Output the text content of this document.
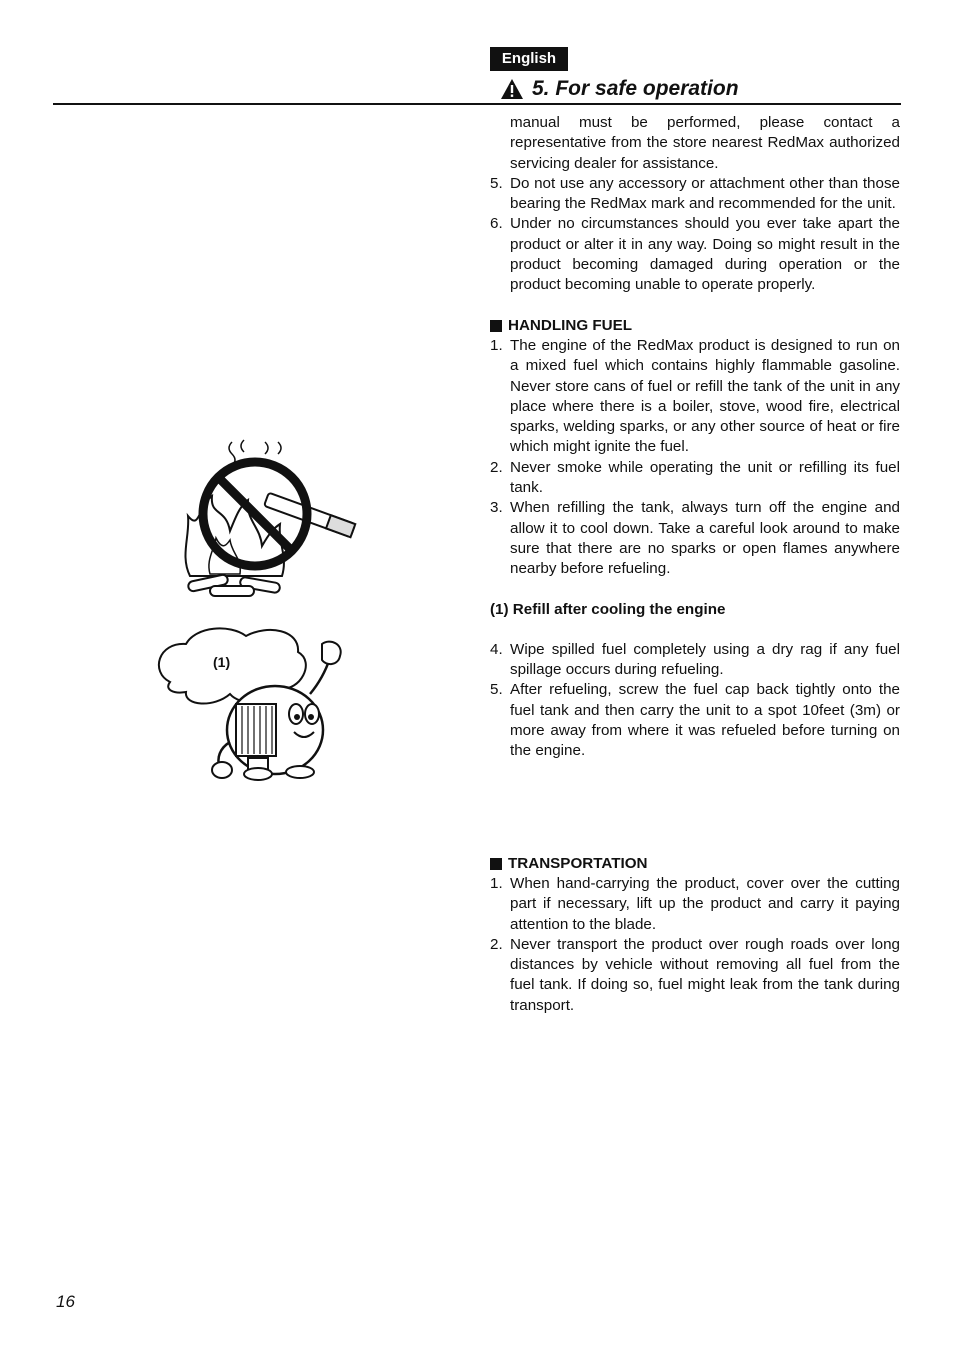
English
5. For safe operation
(1)

manual must be performed, please contact a representative from the store nearest RedMax authorized servicing dealer for assistance.

5. Do not use any accessory or attachment other than those bearing the RedMax mark and recommended for the unit.
6. Under no circumstances should you ever take apart the product or alter it in any way. Doing so might result in the product becoming damaged during operation or the product becoming unable to operate properly.
HANDLING FUEL
1. The engine of the RedMax product is designed to run on a mixed fuel which contains highly flammable gasoline. Never store cans of fuel or refill the tank of the unit in any place where there is a boiler, stove, wood fire, electrical sparks, welding sparks, or any other source of heat or fire which might ignite the fuel.
2. Never smoke while operating the unit or refilling its fuel tank.
3. When refilling the tank, always turn off the engine and allow it to cool down. Take a careful look around to make sure that there are no sparks or open flames anywhere nearby before refueling.

(1) Refill after cooling the engine

4. Wipe spilled fuel completely using a dry rag if any fuel spillage occurs during refueling.
5. After refueling, screw the fuel cap back tightly onto the fuel tank and then carry the unit to a spot 10feet (3m) or more away from where it was refueled before turning on the engine.
TRANSPORTATION
1. When hand-carrying the product, cover over the cutting part if necessary, lift up the product and carry it paying attention to the blade.
2. Never transport the product over rough roads over long distances by vehicle without removing all fuel from the fuel tank. If doing so, fuel might leak from the tank during transport.
16
